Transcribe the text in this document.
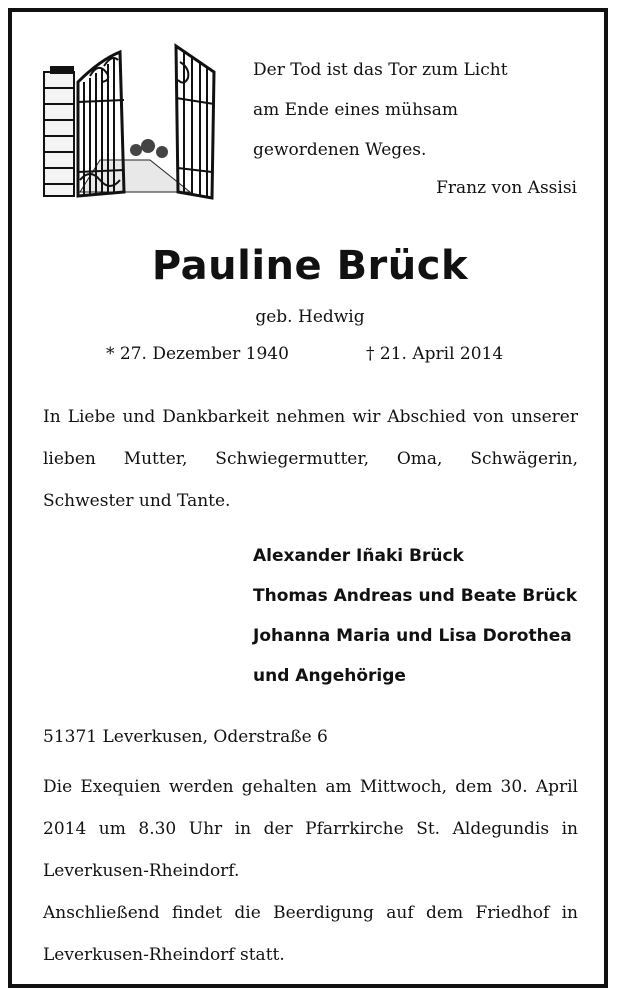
Der Tod ist das Tor zum Licht
am Ende eines mühsam
gewordenen Weges.
Franz von Assisi
Pauline Brück
geb. Hedwig
* 27. Dezember 1940	† 21. April 2014
In Liebe und Dankbarkeit nehmen wir Abschied von unserer lieben Mutter, Schwiegermutter, Oma, Schwägerin, Schwester und Tante.
Alexander Iñaki Brück
Thomas Andreas und Beate Brück
Johanna Maria und Lisa Dorothea
und Angehörige
51371 Leverkusen, Oderstraße 6
Die Exequien werden gehalten am Mittwoch, dem 30. April 2014 um 8.30 Uhr in der Pfarrkirche St. Aldegundis in Leverkusen-Rheindorf.
Anschließend findet die Beerdigung auf dem Friedhof in Leverkusen-Rheindorf statt.
